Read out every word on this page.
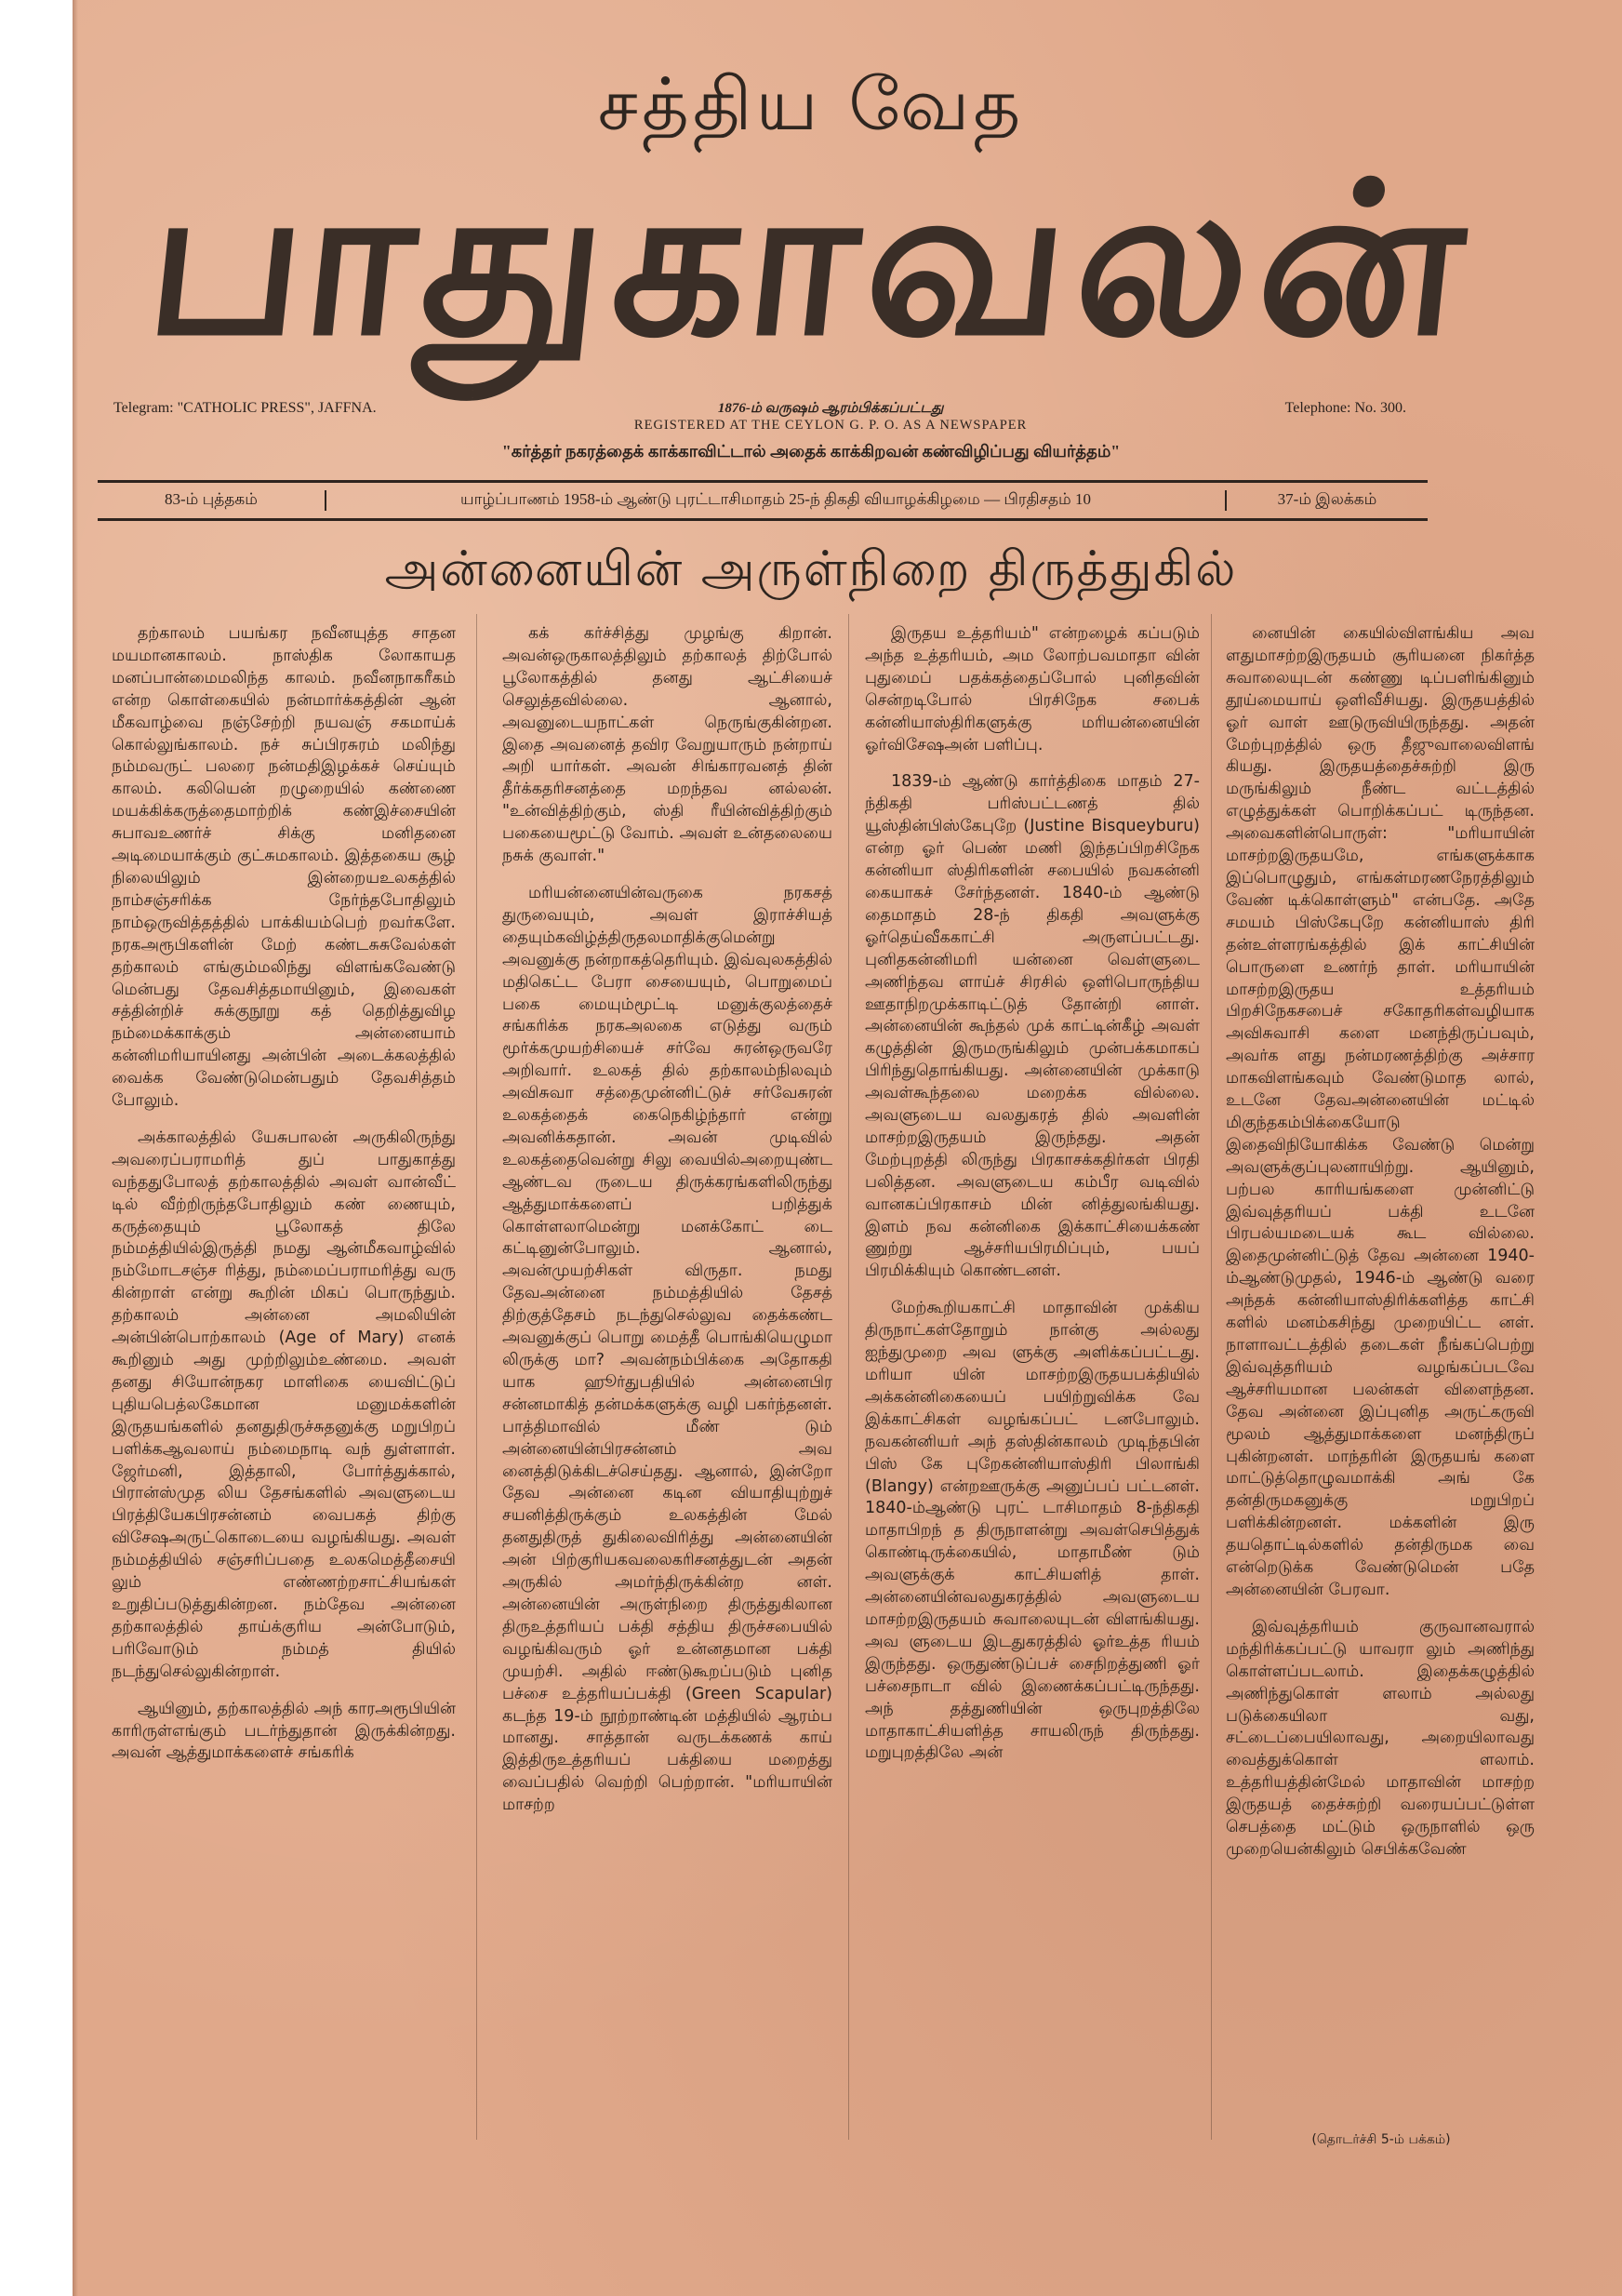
சத்திய வேத
பாதுகாவலன்
Telegram: "CATHOLIC PRESS", JAFFNA.	1876-ம் வருஷம் ஆரம்பிக்கப்பட்டது
REGISTERED AT THE CEYLON G. P. O. AS A NEWSPAPER
Telephone: No. 300.
"கர்த்தர் நகரத்தைக் காக்காவிட்டால் அதைக் காக்கிறவன் கண்விழிப்பது வியர்த்தம்"
83-ம் புத்தகம்	யாழ்ப்பாணம் 1958-ம் ஆண்டு புரட்டாசிமாதம் 25-ந் திகதி வியாழக்கிழமை — பிரதிசதம் 10	37-ம் இலக்கம்
அன்னையின் அருள்நிறை திருத்துகில்

தற்காலம் பயங்கர நவீனயுத்த சாதன மயமானகாலம். நாஸ்திக லோகாயத மனப்பான்மைமலிந்த காலம். நவீனநாகரீகம் என்ற கொள்கையில் நன்மார்க்கத்தின் ஆன் மீகவாழ்வை நஞ்சேற்றி நயவஞ் சகமாய்க் கொல்லுங்காலம். நச் சுப்பிரசுரம் மலிந்து நம்மவருட் பலரை நன்மதிஇழக்கச் செய்யும் காலம். கலியென் றழுறையில் கண்ணை மயக்கிக்கருத்தைமாற்றிக் கண்இச்சையின் சுபாவஉணர்ச் சிக்கு மனிதனை அடிமையாக்கும் குட்சுமகாலம். இத்தகைய சூழ் நிலையிலும் இன்றையஉலகத்தில் நாம்சஞ்சரிக்க நேர்ந்தபோதிலும் நாம்ஒருவித்தத்தில் பாக்கியம்பெற் றவர்களே. நரகஅரூபிகளின் மேற் கண்டசுசுவேல்கள் தற்காலம் எங்கும்மலிந்து விளங்கவேண்டு மென்பது தேவசித்தமாயினும், இவைகள் சத்தின்றிச் சுக்குநூறு கத் தெறித்துவிழ நம்மைக்காக்கும் அன்னையாம் கன்னிமரியாயினது அன்பின் அடைக்கலத்தில் வைக்க வேண்டுமென்பதும் தேவசித்தம் போலும்.

அக்காலத்தில் யேசுபாலன் அருகிலிருந்து அவரைப்பராமரித் துப் பாதுகாத்து வந்ததுபோலத் தற்காலத்தில் அவள் வான்வீட் டில் வீற்றிருந்தபோதிலும் கண் ணையும், கருத்தையும் பூலோகத் திலே நம்மத்தியில்இருத்தி நமது ஆன்மீகவாழ்வில் நம்மோடசஞ்ச ரித்து, நம்மைப்பராமரித்து வரு கின்றாள் என்று கூறின் மிகப் பொருந்தும். தற்காலம் அன்னை அமலியின் அன்பின்பொற்காலம் (Age of Mary) எனக் கூறினும் அது முற்றிலும்உண்மை. அவள் தனது சியோன்நகர மாளிகை யைவிட்டுப் புதியபெத்லகேமான மனுமக்களின் இருதயங்களில் தனதுதிருச்சுதனுக்கு மறுபிறப் பளிக்கஆவலாய் நம்மைநாடி வந் துள்ளாள். ஜேர்மனி, இத்தாலி, போர்த்துக்கால், பிரான்ஸ்முத லிய தேசங்களில் அவளுடைய பிரத்தியேகபிரசன்னம் வைபகத் திற்கு விசேஷஅருட்கொடையை வழங்கியது. அவள் நம்மத்தியில் சஞ்சரிப்பதை உலகமெத்தீசையி லும் எண்ணற்றசாட்சியங்கள் உறுதிப்படுத்துகின்றன. நம்தேவ அன்னை தற்காலத்தில் தாய்க்குரிய அன்போடும், பரிவோடும் நம்மத் தியில் நடந்துசெல்லுகின்றாள்.

ஆயினும், தற்காலத்தில் அந் காரஅரூபியின் காரிருள்எங்கும் படர்ந்துதான் இருக்கின்றது. அவன் ஆத்துமாக்களைச் சங்கரிக்

கக் கர்ச்சித்து முழங்கு கிறான். அவன்ஒருகாலத்திலும் தற்காலத் திற்போல் பூலோகத்தில் தனது ஆட்சியைச் செலுத்தவில்லை. ஆனால், அவனுடையநாட்கள் நெருங்குகின்றன. இதை அவனைத் தவிர வேறுயாரும் நன்றாய் அறி யார்கள். அவன் சிங்காரவனத் தின் தீர்க்கதரிசனத்தை மறந்தவ னல்லன். "உன்வித்திற்கும், ஸ்தி ரீயின்வித்திற்கும் பகையைமூட்டு வோம். அவள் உன்தலையை நசுக் குவாள்."

மரியன்னையின்வருகை நரகசத் துருவையும், அவள் இராச்சியத் தையும்கவிழ்த்திருதலமாதிக்குமென்று அவனுக்கு நன்றாகத்தெரியும். இவ்வுலகத்தில் மதிகெட்ட பேரா சையையும், பொறுமைப் பகை மையும்மூட்டி மனுக்குலத்தைச் சங்கரிக்க நரகஅலகை எடுத்து வரும் மூர்க்கமுயற்சியைச் சர்வே சுரன்ஒருவரே அறிவார். உலகத் தில் தற்காலம்நிலவும் அவிசுவா சத்தைமுன்னிட்டுச் சர்வேசுரன் உலகத்தைக் கைநெகிழ்ந்தார் என்று அவனிக்கதான். அவன் முடிவில் உலகத்தைவென்று சிலு வையில்அறையுண்ட ஆண்டவ ருடைய திருக்கரங்களிலிருந்து ஆத்துமாக்களைப் பறித்துக் கொள்ளலாமென்று மனக்கோட் டை கட்டினுன்போலும். ஆனால், அவன்முயற்சிகள் விருதா. நமது தேவஅன்னை நம்மத்தியில் தேசத் திற்குத்தேசம் நடந்துசெல்லுவ தைக்கண்ட அவனுக்குப் பொறு மைத்தீ பொங்கியெழுமா லிருக்கு மா? அவன்நம்பிக்கை அதோகதி யாக ஹூர்துபதியில் அன்னைபிர சன்னமாகித் தன்மக்களுக்கு வழி பகர்ந்தனள். பாத்திமாவில் மீண் டும் அன்னையின்பிரசன்னம் அவ னைத்திடுக்கிடச்செய்தது. ஆனால், இன்றோ தேவ அன்னை கடின வியாதியுற்றுச் சயனித்திருக்கும் உலகத்தின் மேல் தனதுதிருத் துகிலைவிரித்து அன்னையின் அன் பிற்குரியகவலைகரிசனத்துடன் அதன் அருகில் அமர்ந்திருக்கின்ற னள். அன்னையின் அருள்நிறை திருத்துகிலான திருஉத்தரியப் பக்தி சத்திய திருச்சபையில் வழங்கிவரும் ஓர் உன்னதமான பக்தி முயற்சி. அதில் ஈண்டுகூறப்படும் புனித பச்சை உத்தரியப்பக்தி (Green Scapular) கடந்த 19-ம் நூற்றாண்டின் மத்தியில் ஆரம்ப மானது. சாத்தான் வருடக்கணக் காய் இத்திருஉத்தரியப் பக்தியை மறைத்து வைப்பதில் வெற்றி பெற்றான். "மரியாயின் மாசற்ற

இருதய உத்தரியம்" என்றழைக் கப்படும் அந்த உத்தரியம், அம லோற்பவமாதா வின் புதுமைப் பதக்கத்தைப்போல் புனிதவின் சென்றடிபோல் பிரசிநேக சபைக் கன்னியாஸ்திரிகளுக்கு மரியன்னையின் ஓர்விசேஷஅன் பளிப்பு.

1839-ம் ஆண்டு கார்த்திகை மாதம் 27-ந்திகதி பரிஸ்பட்டணத் தில் யூஸ்தின்பிஸ்கேபுறே (Justine Bisqueyburu) என்ற ஓர் பெண் மணி இந்தப்பிறசிநேக கன்னியா ஸ்திரிகளின் சபையில் நவகன்னி கையாகச் சேர்ந்தனள். 1840-ம் ஆண்டு தைமாதம் 28-ந் திகதி அவளுக்கு ஓர்தெய்வீககாட்சி அருளப்பட்டது. புனிதகன்னிமரி யன்னை வெள்ளுடை அணிந்தவ ளாய்ச் சிரசில் ஒளிபொருந்திய ஊதாநிறமுக்காடிட்டுத் தோன்றி னாள். அன்னையின் கூந்தல் முக் காட்டின்கீழ் அவள் கழுத்தின் இருமருங்கிலும் முன்பக்கமாகப் பிரிந்துதொங்கியது. அன்னையின் முக்காடு அவள்கூந்தலை மறைக்க வில்லை. அவளுடைய வலதுகரத் தில் அவளின் மாசற்றஇருதயம் இருந்தது. அதன் மேற்புறத்தி லிருந்து பிரகாசக்கதிர்கள் பிரதி பலித்தன. அவளுடைய கம்பீர வடிவில் வானகப்பிரகாசம் மின் னித்துலங்கியது. இளம் நவ கன்னிகை இக்காட்சியைக்கண் ணுற்று ஆச்சரியபிரமிப்பும், பயப் பிரமிக்கியும் கொண்டனள்.

மேற்கூறியகாட்சி மாதாவின் முக்கிய திருநாட்கள்தோறும் நான்கு அல்லது ஐந்துமுறை அவ ளுக்கு அளிக்கப்பட்டது. மரியா யின் மாசற்றஇருதயபக்தியில் அக்கன்னிகையைப் பயிற்றுவிக்க வே இக்காட்சிகள் வழங்கப்பட் டனபோலும். நவகன்னியர் அந் தஸ்தின்காலம் முடிந்தபின் பிஸ் கே புறேகன்னியாஸ்திரி பிலாங்கி (Blangy) என்றஊருக்கு அனுப்பப் பட்டனள். 1840-ம்ஆண்டு புரட் டாசிமாதம் 8-ந்திகதி மாதாபிறந் த திருநாளன்று அவள்செபித்துக் கொண்டிருக்கையில், மாதாமீண் டும் அவளுக்குக் காட்சியளித் தாள். அன்னையின்வலதுகரத்தில் அவளுடைய மாசற்றஇருதயம் சுவாலையுடன் விளங்கியது. அவ ளுடைய இடதுகரத்தில் ஓர்உத்த ரியம் இருந்தது. ஒருதுண்டுப்பச் சைநிறத்துணி ஓர் பச்சைநாடா வில் இணைக்கப்பட்டிருந்தது. அந் தத்துணியின் ஒருபுறத்திலே மாதாகாட்சியளித்த சாயலிருந் திருந்தது. மறுபுறத்திலே அன்

னையின் கையில்விளங்கிய அவ ளதுமாசற்றஇருதயம் சூரியனை நிகர்த்த சுவாலையுடன் கண்ணு டிப்பளிங்கினும் தூய்மையாய் ஒளிவீசியது. இருதயத்தில் ஓர் வாள் ஊடுருவியிருந்தது. அதன் மேற்புறத்தில் ஒரு தீஜுவாலைவிளங் கியது. இருதயத்தைச்சுற்றி இரு மருங்கிலும் நீண்ட வட்டத்தில் எழுத்துக்கள் பொறிக்கப்பட் டிருந்தன. அவைகளின்பொருள்: "மரியாயின் மாசற்றஇருதயமே, எங்களுக்காக இப்பொழுதும், எங்கள்மரணநேரத்திலும் வேண் டிக்கொள்ளும்" என்பதே. அதே சமயம் பிஸ்கேபுறே கன்னியாஸ் திரி தன்உள்ளரங்கத்தில் இக் காட்சியின் பொருளை உணர்ந் தாள். மரியாயின் மாசற்றஇருதய உத்தரியம் பிறசிநேகசபைச் சகோதரிகள்வழியாக அவிசுவாசி களை மனந்திருப்பவும், அவர்க ளது நன்மரணத்திற்கு அச்சார மாகவிளங்கவும் வேண்டுமாத லால், உடனே தேவஅன்னையின் மட்டில் மிகுந்தகம்பிக்கையோடு இதைவிநியோகிக்க வேண்டு மென்று அவளுக்குப்புலனாயிற்று. ஆயினும், பற்பல காரியங்களை முன்னிட்டு இவ்வுத்தரியப் பக்தி உடனே பிரபல்யமடையக் கூட வில்லை. இதைமுன்னிட்டுத் தேவ அன்னை 1940-ம்ஆண்டுமுதல், 1946-ம் ஆண்டு வரை அந்தக் கன்னியாஸ்திரிக்களித்த காட்சி களில் மனம்கசிந்து முறையிட்ட னள். நாளாவட்டத்தில் தடைகள் நீங்கப்பெற்று இவ்வுத்தரியம் வழங்கப்படவே ஆச்சரியமான பலன்கள் விளைந்தன. தேவ அன்னை இப்புனித அருட்கருவி மூலம் ஆத்துமாக்களை மனந்திருப் புகின்றனள். மாந்தரின் இருதயங் களை மாட்டுத்தொழுவமாக்கி அங் கே தன்திருமகனுக்கு மறுபிறப் பளிக்கின்றனள். மக்களின் இரு தயதொட்டில்களில் தன்திருமக வை என்றெடுக்க வேண்டுமென் பதே அன்னையின் பேரவா.

இவ்வுத்தரியம் குருவானவரால் மந்திரிக்கப்பட்டு யாவரா லும் அணிந்து கொள்ளப்படலாம். இதைக்கழுத்தில் அணிந்துகொள் ளலாம் அல்லது படுக்கையிலா வது, சட்டைப்பையிலாவது, அறையிலாவது வைத்துக்கொள் ளலாம். உத்தரியத்தின்மேல் மாதாவின் மாசற்ற இருதயத் தைச்சுற்றி வரையப்பட்டுள்ள செபத்தை மட்டும் ஒருநாளில் ஒரு முறையென்கிலும் செபிக்கவேண்

(தொடர்ச்சி 5-ம் பக்கம்)
